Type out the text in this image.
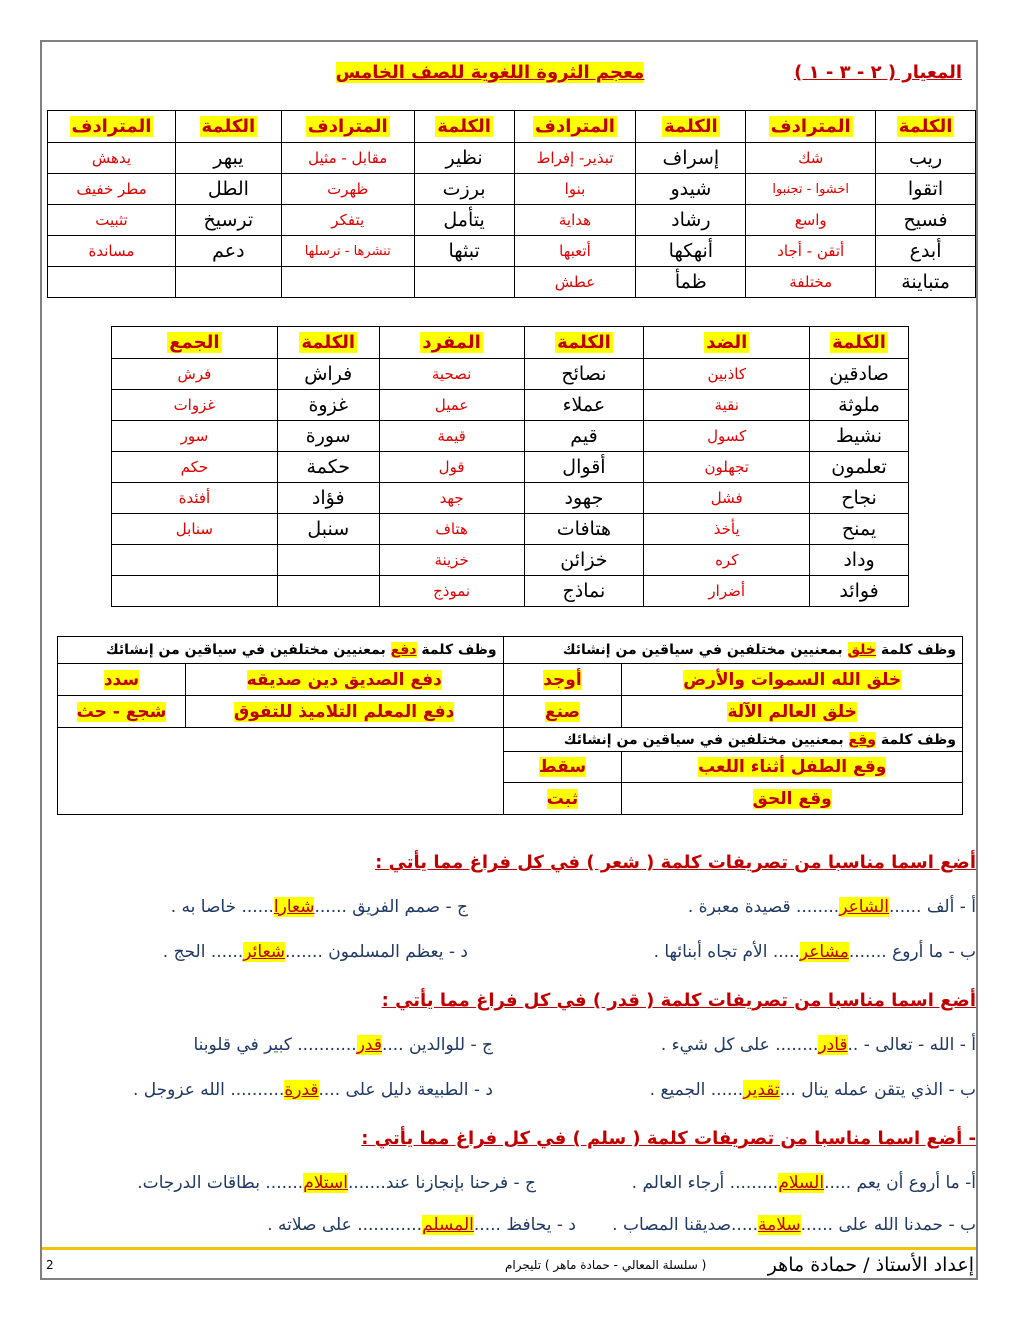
معجم الثروة اللغوية للصف الخامس	المعيار ( ٢ - ٣ - ١ )
الكلمة	المترادف	الكلمة	المترادف	الكلمة	المترادف	الكلمة	المترادف
ريب	شك	إسراف	تبذير- إفراط	نظير	مقابل - مثيل	يبهر	يدهش
اتقوا	اخشوا - تجنبوا	شيدو	بنوا	برزت	ظهرت	الطل	مطر خفيف
فسيح	واسع	رشاد	هداية	يتأمل	يتفكر	ترسيخ	تثبيت
أبدع	أتقن - أجاد	أنهكها	أتعبها	تبثها	تنشرها - ترسلها	دعم	مساندة
متباينة	مختلفة	ظمأ	عطش				
الكلمة	الضد	الكلمة	المفرد	الكلمة	الجمع
صادقين	كاذبين	نصائح	نصحية	فراش	فرش
ملوثة	نقية	عملاء	عميل	غزوة	غزوات
نشيط	كسول	قيم	قيمة	سورة	سور
تعلمون	تجهلون	أقوال	قول	حكمة	حكم
نجاح	فشل	جهود	جهد	فؤاد	أفئدة
يمنح	يأخذ	هتافات	هتاف	سنبل	سنابل
وداد	كره	خزائن	خزينة		
فوائد	أضرار	نماذج	نموذج		
وظف كلمة خلق بمعنيين مختلفين في سياقين من إنشائك		وظف كلمة دفع بمعنيين مختلفين في سياقين من إنشائك	
خلق الله السموات والأرض	أوجد	دفع الصديق دين صديقه	سدد
خلق العالم الآلة	صنع	دفع المعلم التلاميذ للتفوق	شجع - حث
وظف كلمة وقع بمعنيين مختلفين في سياقين من إنشائك			
وقع الطفل أثناء اللعب	سقط		
وقع الحق	ثبت		
أضع اسما مناسبا من تصريفات كلمة ( شعر ) في كل فراغ مما يأتي :
أ - ألف ......الشاعر........ قصيدة معبرة .
ج - صمم الفريق ......شعارا...... خاصا به .
ب - ما أروع .......مشاعر..... الأم تجاه أبنائها .
د - يعظم المسلمون .......شعائر...... الحج .
أضع اسما مناسبا من تصريفات كلمة ( قدر ) في كل فراغ مما يأتي :
أ - الله - تعالى - ..قادر........ على كل شيء .
ج - للوالدين ....قدر........... كبير في قلوبنا
ب - الذي يتقن عمله ينال ...تقدير...... الجميع .
د - الطبيعة دليل على ....قدرة.......... الله عزوجل .
- أضع اسما مناسبا من تصريفات كلمة ( سلم ) في كل فراغ مما يأتي :
أ- ما أروع أن يعم .....السلام......... أرجاء العالم .
ج - فرحنا بإنجازنا عند.......استلام....... بطاقات الدرجات.
ب - حمدنا الله على ......سلامة.....صديقنا المصاب .
د - يحافظ .....المسلم............ على صلاته .
إعداد الأستاذ / حمادة ماهر
( سلسلة المعالي - حمادة ماهر ) تليجرام
2
